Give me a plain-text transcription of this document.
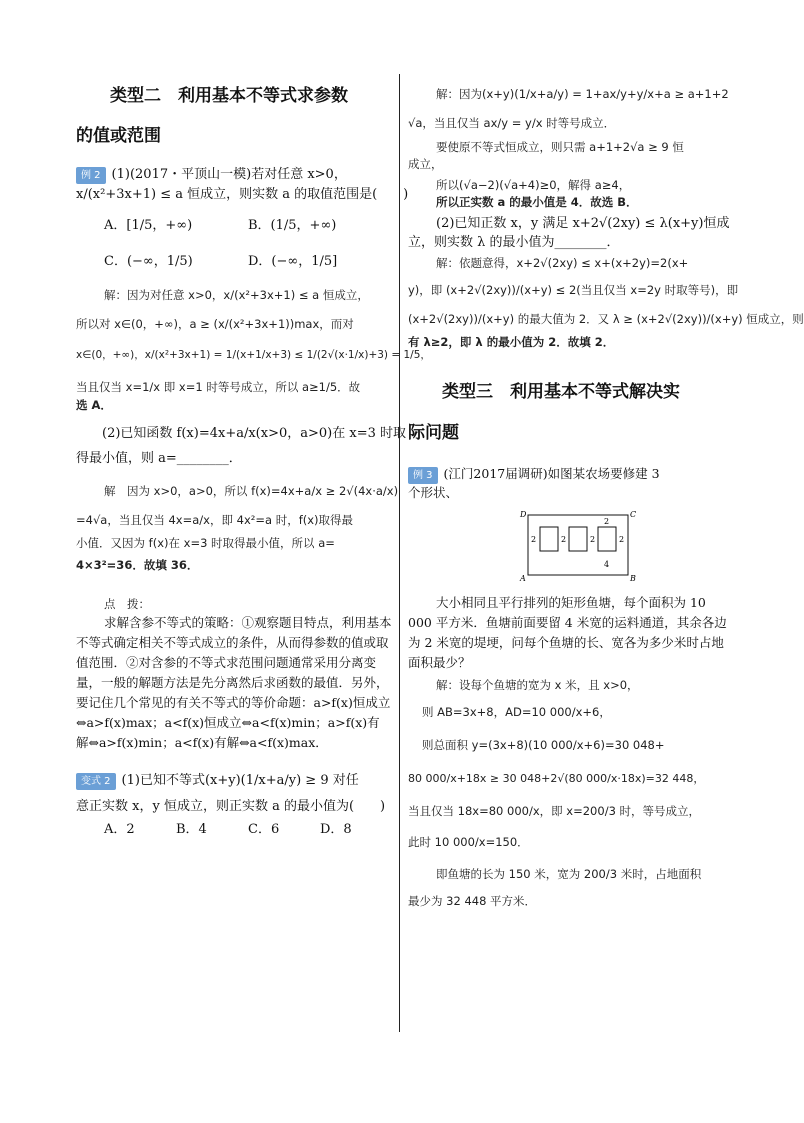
类型二　利用基本不等式求参数
的值或范围
例 2 (1)(2017・平顶山一模)若对任意 x>0，
x/(x²+3x+1) ≤ a 恒成立，则实数 a 的取值范围是(　　)
A．[1/5，+∞)	B．(1/5，+∞)
C．(−∞，1/5)	D．(−∞，1/5]
解：因为对任意 x>0，x/(x²+3x+1) ≤ a 恒成立，
所以对 x∈(0，+∞)，a ≥ (x/(x²+3x+1))max，而对
x∈(0，+∞)，x/(x²+3x+1) = 1/(x+1/x+3) ≤ 1/(2√(x·1/x)+3) = 1/5，
当且仅当 x=1/x 即 x=1 时等号成立，所以 a≥1/5．故
选 A．
(2)已知函数 f(x)=4x+a/x(x>0，a>0)在 x=3 时取
得最小值，则 a=________．
解　因为 x>0，a>0，所以 f(x)=4x+a/x ≥ 2√(4x·a/x)
=4√a，当且仅当 4x=a/x，即 4x²=a 时，f(x)取得最
小值．又因为 f(x)在 x=3 时取得最小值，所以 a=
4×3²=36．故填 36．
点　拨：
求解含参不等式的策略：①观察题目特点，利用基本不等式确定相关不等式成立的条件，从而得参数的值或取值范围．②对含参的不等式求范围问题通常采用分离变量，一般的解题方法是先分离然后求函数的最值．另外，要记住几个常见的有关不等式的等价命题：a>f(x)恒成立⇔a>f(x)max；a<f(x)恒成立⇔a<f(x)min；a>f(x)有解⇔a>f(x)min；a<f(x)有解⇔a<f(x)max．
变式 2 (1)已知不等式(x+y)(1/x+a/y) ≥ 9 对任
意正实数 x，y 恒成立，则正实数 a 的最小值为(　　)
A．2	B．4	C．6	D．8
解：因为(x+y)(1/x+a/y) = 1+ax/y+y/x+a ≥ a+1+2
√a，当且仅当 ax/y = y/x 时等号成立．
要使原不等式恒成立，则只需 a+1+2√a ≥ 9 恒
成立，
所以(√a−2)(√a+4)≥0，解得 a≥4，
所以正实数 a 的最小值是 4．故选 B．
(2)已知正数 x，y 满足 x+2√(2xy) ≤ λ(x+y)恒成
立，则实数 λ 的最小值为________．
解：依题意得，x+2√(2xy) ≤ x+(x+2y)=2(x+
y)，即 (x+2√(2xy))/(x+y) ≤ 2(当且仅当 x=2y 时取等号)，即
(x+2√(2xy))/(x+y) 的最大值为 2．又 λ ≥ (x+2√(2xy))/(x+y) 恒成立，则
有 λ≥2，即 λ 的最小值为 2．故填 2．
类型三　利用基本不等式解决实
际问题
例 3 (江门2017届调研)如图某农场要修建 3
个形状、
D	C
A	B
2	2	2	2
2
4
大小相同且平行排列的矩形鱼塘，每个面积为 10 000 平方米．鱼塘前面要留 4 米宽的运料通道，其余各边为 2 米宽的堤埂，问每个鱼塘的长、宽各为多少米时占地面积最少？
解：设每个鱼塘的宽为 x 米，且 x>0，
则 AB=3x+8，AD=10 000/x+6，
则总面积 y=(3x+8)(10 000/x+6)=30 048+
80 000/x+18x ≥ 30 048+2√(80 000/x·18x)=32 448，
当且仅当 18x=80 000/x，即 x=200/3 时，等号成立，
此时 10 000/x=150．
即鱼塘的长为 150 米，宽为 200/3 米时，占地面积
最少为 32 448 平方米．
